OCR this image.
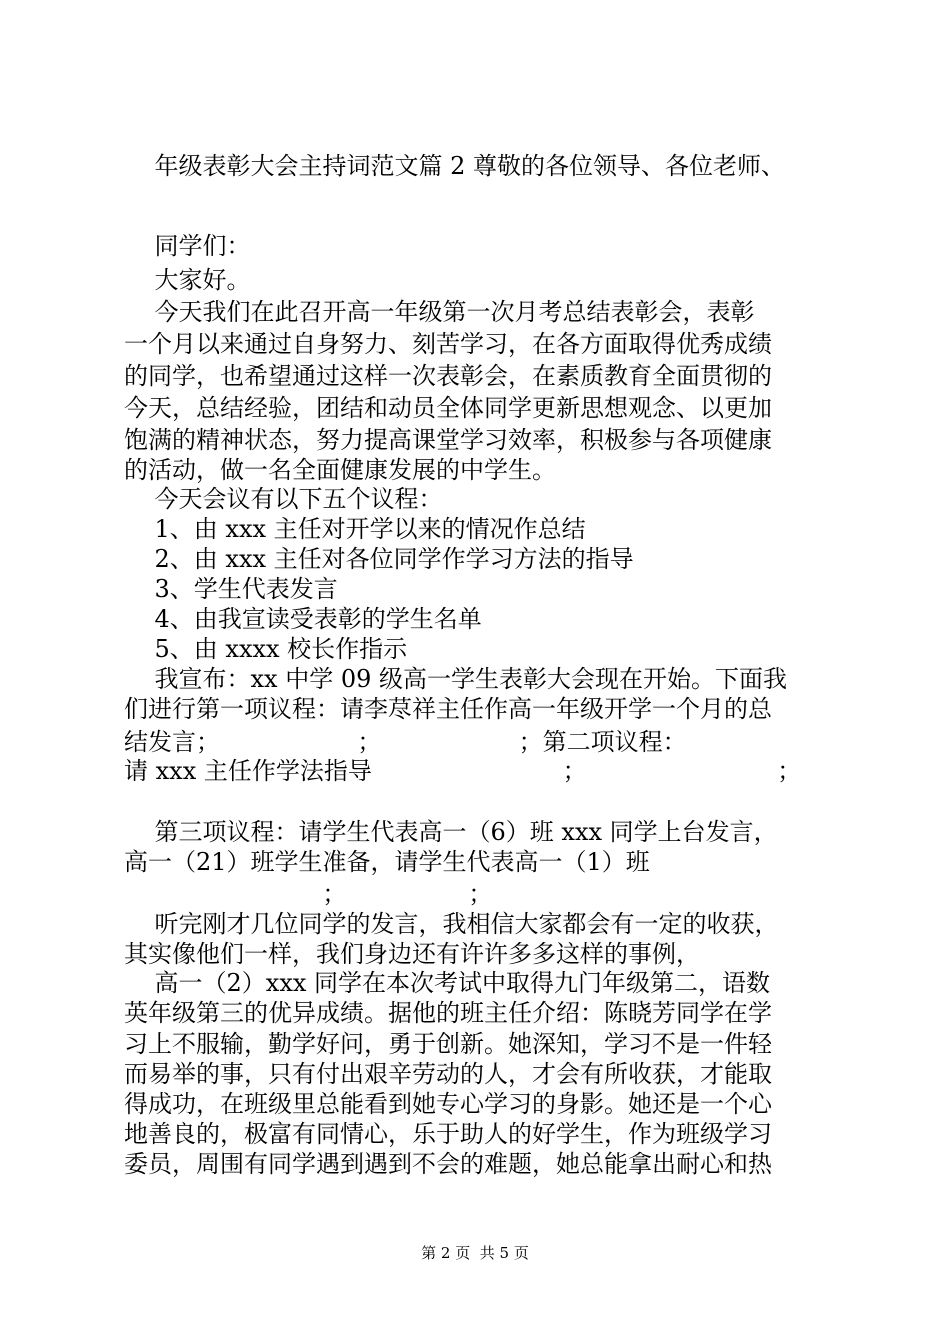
年级表彰大会主持词范文篇 2 尊敬的各位领导、各位老师、
同学们：
大家好。
今天我们在此召开高一年级第一次月考总结表彰会，表彰
一个月以来通过自身努力、刻苦学习，在各方面取得优秀成绩
的同学，也希望通过这样一次表彰会，在素质教育全面贯彻的
今天，总结经验，团结和动员全体同学更新思想观念、以更加
饱满的精神状态，努力提高课堂学习效率，积极参与各项健康
的活动，做一名全面健康发展的中学生。
今天会议有以下五个议程：
1、由 xxx 主任对开学以来的情况作总结
2、由 xxx 主任对各位同学作学习方法的指导
3、学生代表发言
4、由我宣读受表彰的学生名单
5、由 xxxx 校长作指示
我宣布：xx 中学 09 级高一学生表彰大会现在开始。下面我
们进行第一项议程：请李荩祥主任作高一年级开学一个月的总
结发言；                  ；                  ；第二项议程：
请 xxx 主任作学法指导                         ；                         ；
第三项议程：请学生代表高一（6）班 xxx 同学上台发言，
高一（21）班学生准备，请学生代表高一（1）班
；                ；
听完刚才几位同学的发言，我相信大家都会有一定的收获，
其实像他们一样，我们身边还有许许多多这样的事例，
高一（2）xxx 同学在本次考试中取得九门年级第二，语数
英年级第三的优异成绩。据他的班主任介绍：陈晓芳同学在学
习上不服输，勤学好问，勇于创新。她深知，学习不是一件轻
而易举的事，只有付出艰辛劳动的人，才会有所收获，才能取
得成功，在班级里总能看到她专心学习的身影。她还是一个心
地善良的，极富有同情心，乐于助人的好学生，作为班级学习
委员，周围有同学遇到遇到不会的难题，她总能拿出耐心和热
第 2 页  共 5 页
